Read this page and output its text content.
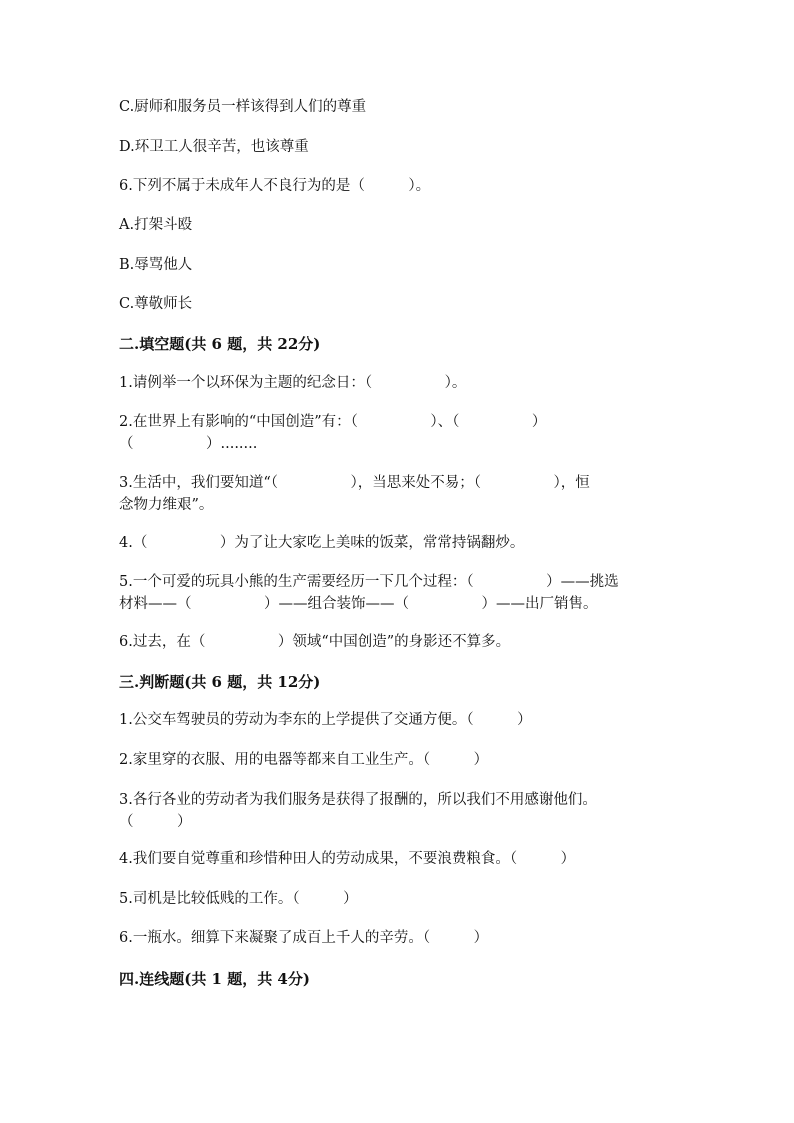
C.厨师和服务员一样该得到人们的尊重
D.环卫工人很辛苦，也该尊重
6.下列不属于未成年人不良行为的是（　　　）。
A.打架斗殴
B.辱骂他人
C.尊敬师长
二.填空题(共 6 题，共 22分)
1.请例举一个以环保为主题的纪念日：（　　　　　）。
2.在世界上有影响的“中国创造”有：（　　　　　）、（　　　　　）
（　　　　　）........
3.生活中，我们要知道“（　　　　　），当思来处不易；（　　　　　），恒
念物力维艰”。
4.（　　　　　）为了让大家吃上美味的饭菜，常常持锅翻炒。
5.一个可爱的玩具小熊的生产需要经历一下几个过程：（　　　　　）——挑选
材料——（　　　　　）——组合装饰——（　　　　　）——出厂销售。
6.过去，在（　　　　　）领域“中国创造”的身影还不算多。
三.判断题(共 6 题，共 12分)
1.公交车驾驶员的劳动为李东的上学提供了交通方便。（　　　）
2.家里穿的衣服、用的电器等都来自工业生产。（　　　）
3.各行各业的劳动者为我们服务是获得了报酬的，所以我们不用感谢他们。
（　　　）
4.我们要自觉尊重和珍惜种田人的劳动成果，不要浪费粮食。（　　　）
5.司机是比较低贱的工作。（　　　）
6.一瓶水。细算下来凝聚了成百上千人的辛劳。（　　　）
四.连线题(共 1 题，共 4分)
